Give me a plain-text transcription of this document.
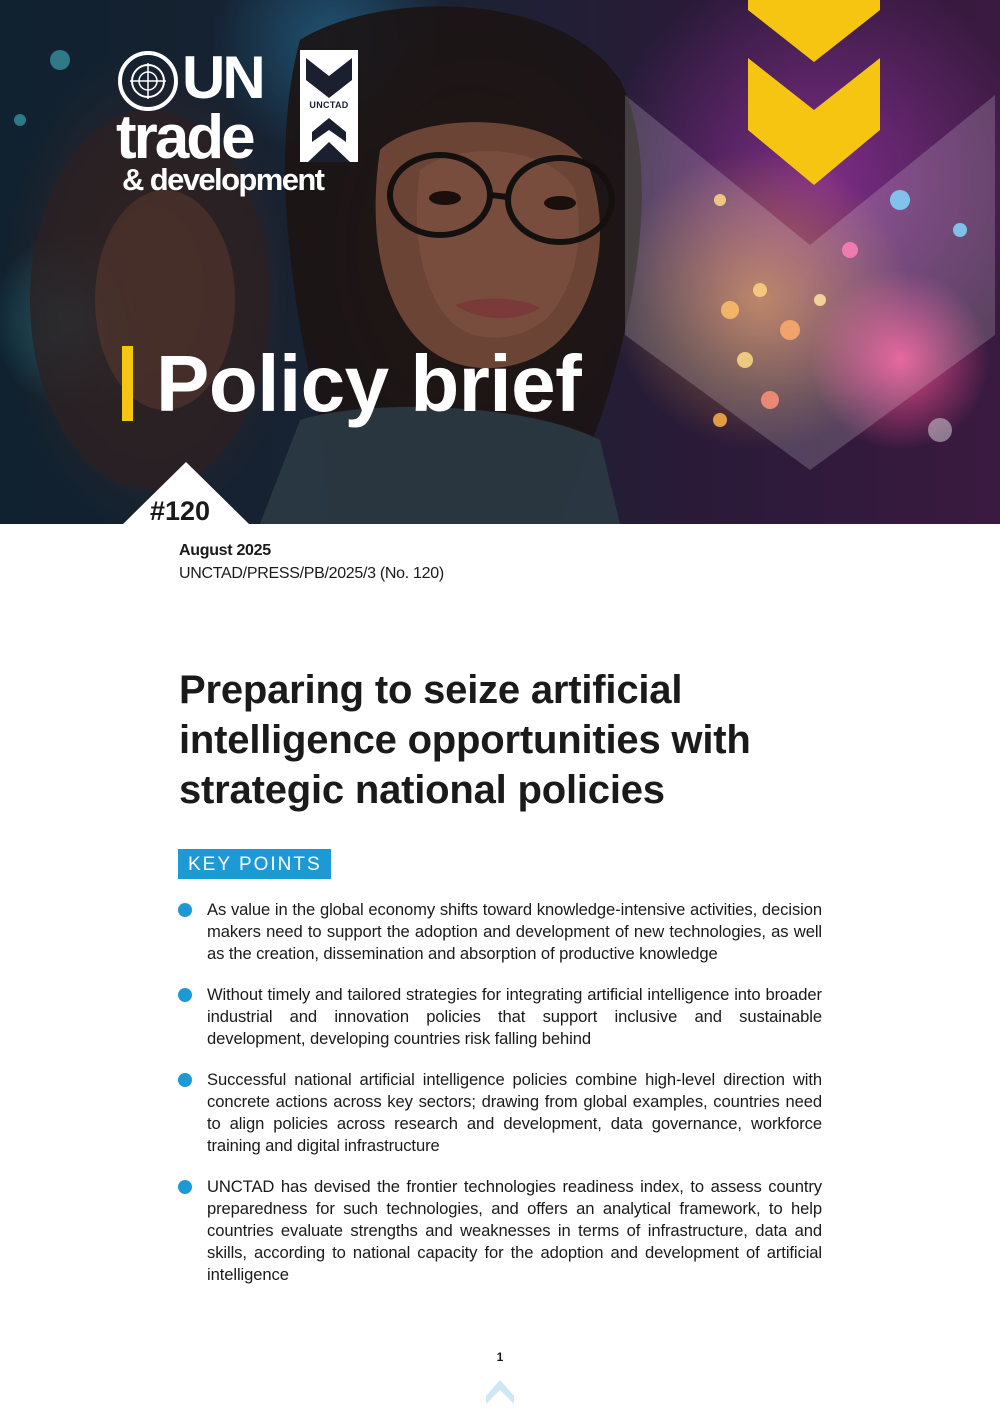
UN
trade
& development
UNCTAD
Policy brief
#120
August 2025
UNCTAD/PRESS/PB/2025/3 (No. 120)
Preparing to seize artificial intelligence opportunities with strategic national policies
KEY POINTS
As value in the global economy shifts toward knowledge-intensive activities, decision makers need to support the adoption and development of new technologies, as well as the creation, dissemination and absorption of productive knowledge
Without timely and tailored strategies for integrating artificial intelligence into broader industrial and innovation policies that support inclusive and sustainable development, developing countries risk falling behind
Successful national artificial intelligence policies combine high-level direction with concrete actions across key sectors; drawing from global examples, countries need to align policies across research and development, data governance, workforce training and digital infrastructure
UNCTAD has devised the frontier technologies readiness index, to assess country preparedness for such technologies, and offers an analytical framework, to help countries evaluate strengths and weaknesses in terms of infrastructure, data and skills, according to national capacity for the adoption and development of artificial intelligence
1
